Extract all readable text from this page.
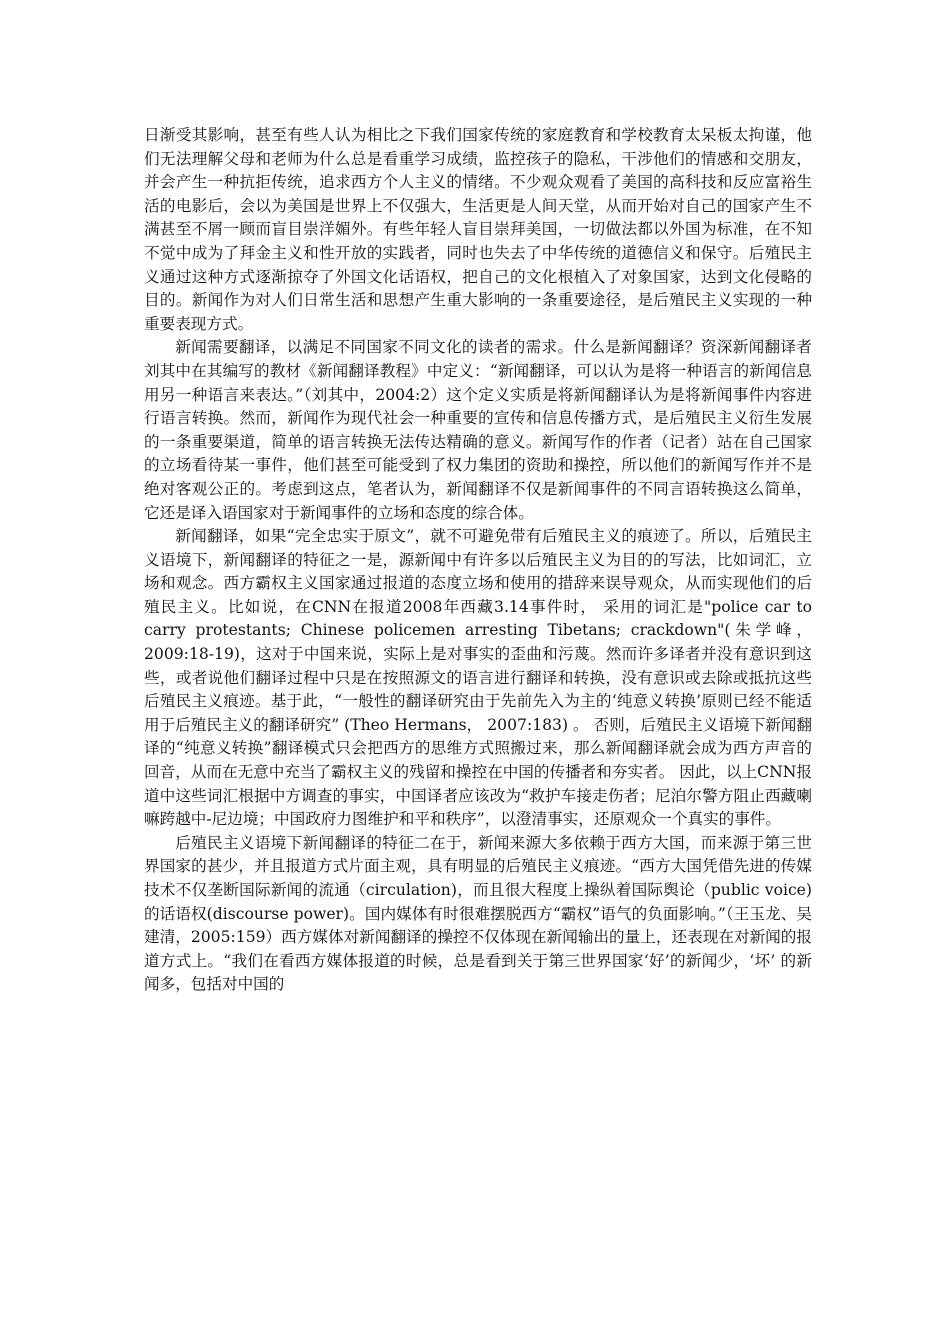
日渐受其影响，甚至有些人认为相比之下我们国家传统的家庭教育和学校教育太呆板太拘谨，他们无法理解父母和老师为什么总是看重学习成绩，监控孩子的隐私，干涉他们的情感和交朋友，并会产生一种抗拒传统，追求西方个人主义的情绪。不少观众观看了美国的高科技和反应富裕生活的电影后，会以为美国是世界上不仅强大，生活更是人间天堂，从而开始对自己的国家产生不满甚至不屑一顾而盲目崇洋媚外。有些年轻人盲目崇拜美国，一切做法都以外国为标准，在不知不觉中成为了拜金主义和性开放的实践者，同时也失去了中华传统的道德信义和保守。后殖民主义通过这种方式逐渐掠夺了外国文化话语权，把自己的文化根植入了对象国家，达到文化侵略的目的。新闻作为对人们日常生活和思想产生重大影响的一条重要途径，是后殖民主义实现的一种重要表现方式。

新闻需要翻译，以满足不同国家不同文化的读者的需求。什么是新闻翻译？资深新闻翻译者刘其中在其编写的教材《新闻翻译教程》中定义：“新闻翻译，可以认为是将一种语言的新闻信息用另一种语言来表达。”（刘其中，2004:2）这个定义实质是将新闻翻译认为是将新闻事件内容进行语言转换。然而，新闻作为现代社会一种重要的宣传和信息传播方式，是后殖民主义衍生发展的一条重要渠道，简单的语言转换无法传达精确的意义。新闻写作的作者（记者）站在自己国家的立场看待某一事件，他们甚至可能受到了权力集团的资助和操控，所以他们的新闻写作并不是绝对客观公正的。考虑到这点，笔者认为，新闻翻译不仅是新闻事件的不同言语转换这么简单，它还是译入语国家对于新闻事件的立场和态度的综合体。

新闻翻译，如果“完全忠实于原文”，就不可避免带有后殖民主义的痕迹了。所以，后殖民主义语境下，新闻翻译的特征之一是，源新闻中有许多以后殖民主义为目的的写法，比如词汇，立场和观念。西方霸权主义国家通过报道的态度立场和使用的措辞来误导观众，从而实现他们的后殖民主义。比如说，在CNN在报道2008年西藏3.14事件时， 采用的词汇是"police car to carry protestants; Chinese policemen arresting Tibetans; crackdown"(朱学峰，2009:18-19)，这对于中国来说，实际上是对事实的歪曲和污蔑。然而许多译者并没有意识到这些，或者说他们翻译过程中只是在按照源文的语言进行翻译和转换，没有意识或去除或抵抗这些后殖民主义痕迹。基于此，“一般性的翻译研究由于先前先入为主的‘纯意义转换’原则已经不能适用于后殖民主义的翻译研究” (Theo Hermans， 2007:183) 。 否则，后殖民主义语境下新闻翻译的“纯意义转换”翻译模式只会把西方的思维方式照搬过来，那么新闻翻译就会成为西方声音的回音，从而在无意中充当了霸权主义的残留和操控在中国的传播者和夯实者。 因此，以上CNN报道中这些词汇根据中方调查的事实，中国译者应该改为“救护车接走伤者；尼泊尔警方阻止西藏喇嘛跨越中-尼边境；中国政府力图维护和平和秩序”，以澄清事实，还原观众一个真实的事件。

后殖民主义语境下新闻翻译的特征二在于，新闻来源大多依赖于西方大国，而来源于第三世界国家的甚少，并且报道方式片面主观，具有明显的后殖民主义痕迹。“西方大国凭借先进的传媒技术不仅垄断国际新闻的流通（circulation)，而且很大程度上操纵着国际舆论（public voice) 的话语权(discourse power)。国内媒体有时很难摆脱西方“霸权”语气的负面影响。”（王玉龙、吴建清，2005:159）西方媒体对新闻翻译的操控不仅体现在新闻输出的量上，还表现在对新闻的报道方式上。“我们在看西方媒体报道的时候，总是看到关于第三世界国家‘好’的新闻少，‘坏’ 的新闻多，包括对中国的
